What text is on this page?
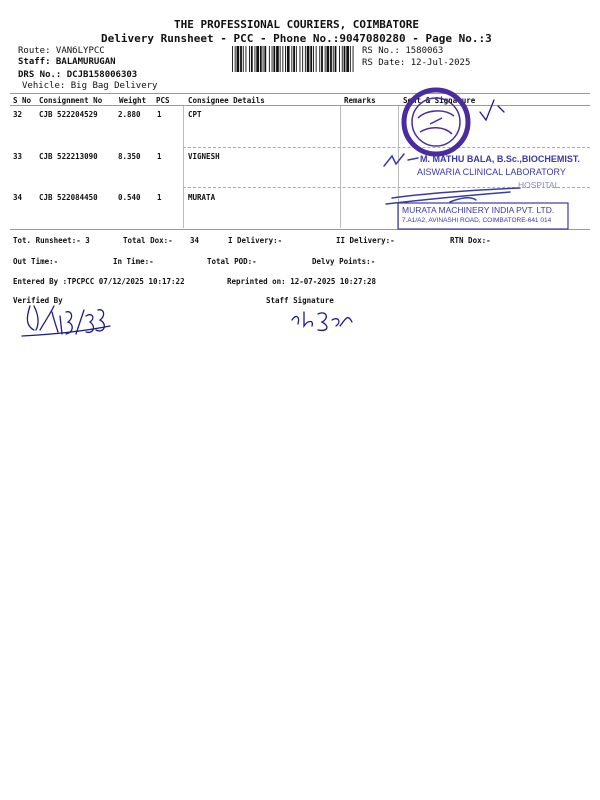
THE PROFESSIONAL COURIERS, COIMBATORE
Delivery Runsheet - PCC - Phone No.:9047080280 - Page No.:3
Route: VANбLYPCC
Staff: BALAMURUGAN
DRS No.: DCJB158006303
Vehicle: Big Bag Delivery
RS No.: 1580063
RS Date: 12-Jul-2025
S No Consignment No Weight PCS Consignee Details	Remarks	Sent & Signature
32 CJB 522204529	2.880 1	CPT
33 CJB 522213090	8.350 1	VIGNESH
34 CJB 522084450	0.540 1	MURATA
Tot. Runsheet:- 3	Total Dox:- 34	I Delivery:-	II Delivery:-	RTN Dox:-
Out Time:-	In Time:-	Total POD:-	Delvy Points:-
Entered By :TPCPCC 07/12/2025 10:17:22	Reprinted on: 12-07-2025 10:27:28
Verified By	Staff Signature
M. MATHU BALA, B.Sc.,BIOCHEMIST.
AISWARIA CLINICAL LABORATORY
HOSPITAL
MURATA MACHINERY INDIA PVT. LTD.
7.A1/A2, AVINASHI ROAD, COIMBATORE-641 014
